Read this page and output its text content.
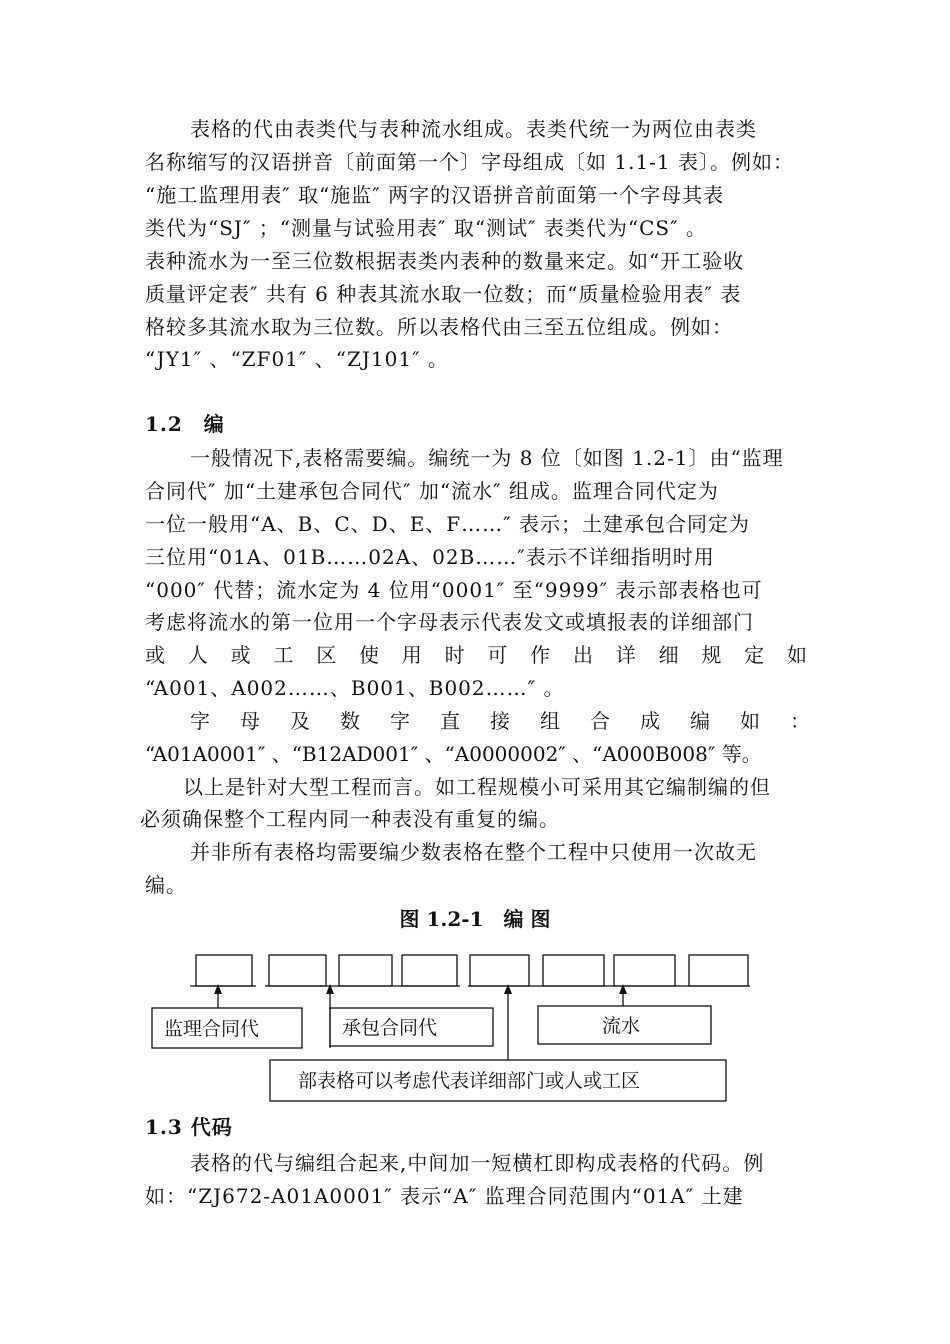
表格的代由表类代与表种流水组成。表类代统一为两位由表类
名称缩写的汉语拼音〔前面第一个〕字母组成〔如 1.1-1 表〕。例如：
“施工监理用表″ 取“施监″ 两字的汉语拼音前面第一个字母其表
类代为“SJ″ ；“测量与试验用表″ 取“测试″ 表类代为“CS″ 。
表种流水为一至三位数根据表类内表种的数量来定。如“开工验收
质量评定表″ 共有 6 种表其流水取一位数；而“质量检验用表″ 表
格较多其流水取为三位数。所以表格代由三至五位组成。例如：
“JY1″ 、“ZF01″ 、“ZJ101″ 。
1.2　编
一般情况下,表格需要编。编统一为 8 位〔如图 1.2-1〕由“监理
合同代″ 加“土建承包合同代″ 加“流水″ 组成。监理合同代定为
一位一般用“A、B、C、D、E、F……″ 表示；土建承包合同定为
三位用“01A、01B……02A、02B……″表示不详细指明时用
“000″ 代替；流水定为 4 位用“0001″ 至“9999″ 表示部表格也可
考虑将流水的第一位用一个字母表示代表发文或填报表的详细部门
或 人 或 工 区 使 用 时 可 作 出 详 细 规 定 如
“A001、A002……、B001、B002……″ 。
字 母 及 数 字 直 接 组 合 成 编 如 ：
“A01A0001″ 、“B12AD001″ 、“A0000002″ 、“A000B008″ 等。
以上是针对大型工程而言。如工程规模小可采用其它编制编的但
必须确保整个工程内同一种表没有重复的编。
并非所有表格均需要编少数表格在整个工程中只使用一次故无
编。
图 1.2-1　编 图
监理合同代	承包合同代	流水
部表格可以考虑代表详细部门或人或工区
1.3 代码
表格的代与编组合起来,中间加一短横杠即构成表格的代码。例
如：“ZJ672-A01A0001″ 表示“A″ 监理合同范围内“01A″ 土建
